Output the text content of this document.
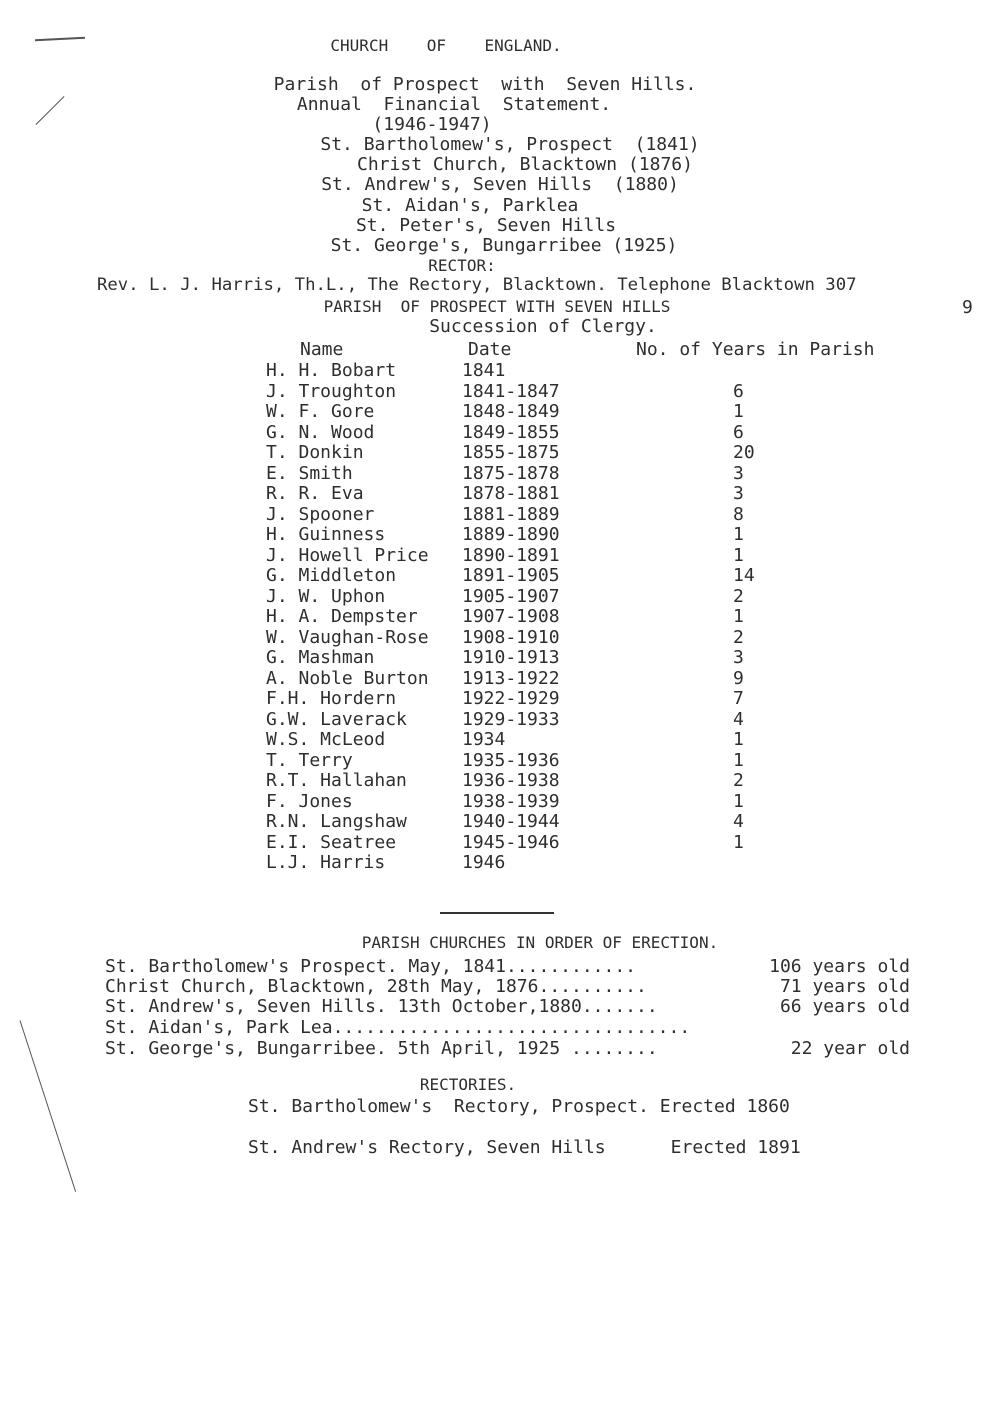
CHURCH    OF    ENGLAND.
Parish  of Prospect  with  Seven Hills.
Annual  Financial  Statement.
(1946-1947)
St. Bartholomew's, Prospect  (1841)
Christ Church, Blacktown (1876)
St. Andrew's, Seven Hills  (1880)
St. Aidan's, Parklea
St. Peter's, Seven Hills
St. George's, Bungarribee (1925)
RECTOR:
Rev. L. J. Harris, Th.L., The Rectory, Blacktown. Telephone Blacktown 307
9
PARISH  OF PROSPECT WITH SEVEN HILLS
Succession of Clergy.
Name	Date	No. of Years in Parish
H. H. Bobart	1841
J. Troughton	1841-1847	6
W. F. Gore	1848-1849	1
G. N. Wood	1849-1855	6
T. Donkin	1855-1875	20
E. Smith	1875-1878	3
R. R. Eva	1878-1881	3
J. Spooner	1881-1889	8
H. Guinness	1889-1890	1
J. Howell Price 1890-1891	1
G. Middleton	1891-1905	14
J. W. Uphon	1905-1907	2
H. A. Dempster 1907-1908	1
W. Vaughan-Rose 1908-1910	2
G. Mashman	1910-1913	3
A. Noble Burton 1913-1922	9
F.H. Hordern	1922-1929	7
G.W. Laverack	1929-1933	4
W.S. McLeod	1934	1
T. Terry	1935-1936	1
R.T. Hallahan	1936-1938	2
F. Jones	1938-1939	1
R.N. Langshaw	1940-1944	4
E.I. Seatree	1945-1946	1
L.J. Harris	1946
PARISH CHURCHES IN ORDER OF ERECTION.
St. Bartholomew's Prospect. May, 1841............	106 years old
Christ Church, Blacktown, 28th May, 1876..........	71 years old
St. Andrew's, Seven Hills. 13th October,1880.......	66 years old
St. Aidan's, Park Lea.................................
St. George's, Bungarribee. 5th April, 1925 ........	22 year old
RECTORIES.
St. Bartholomew's  Rectory, Prospect. Erected 1860
St. Andrew's Rectory, Seven Hills      Erected 1891
